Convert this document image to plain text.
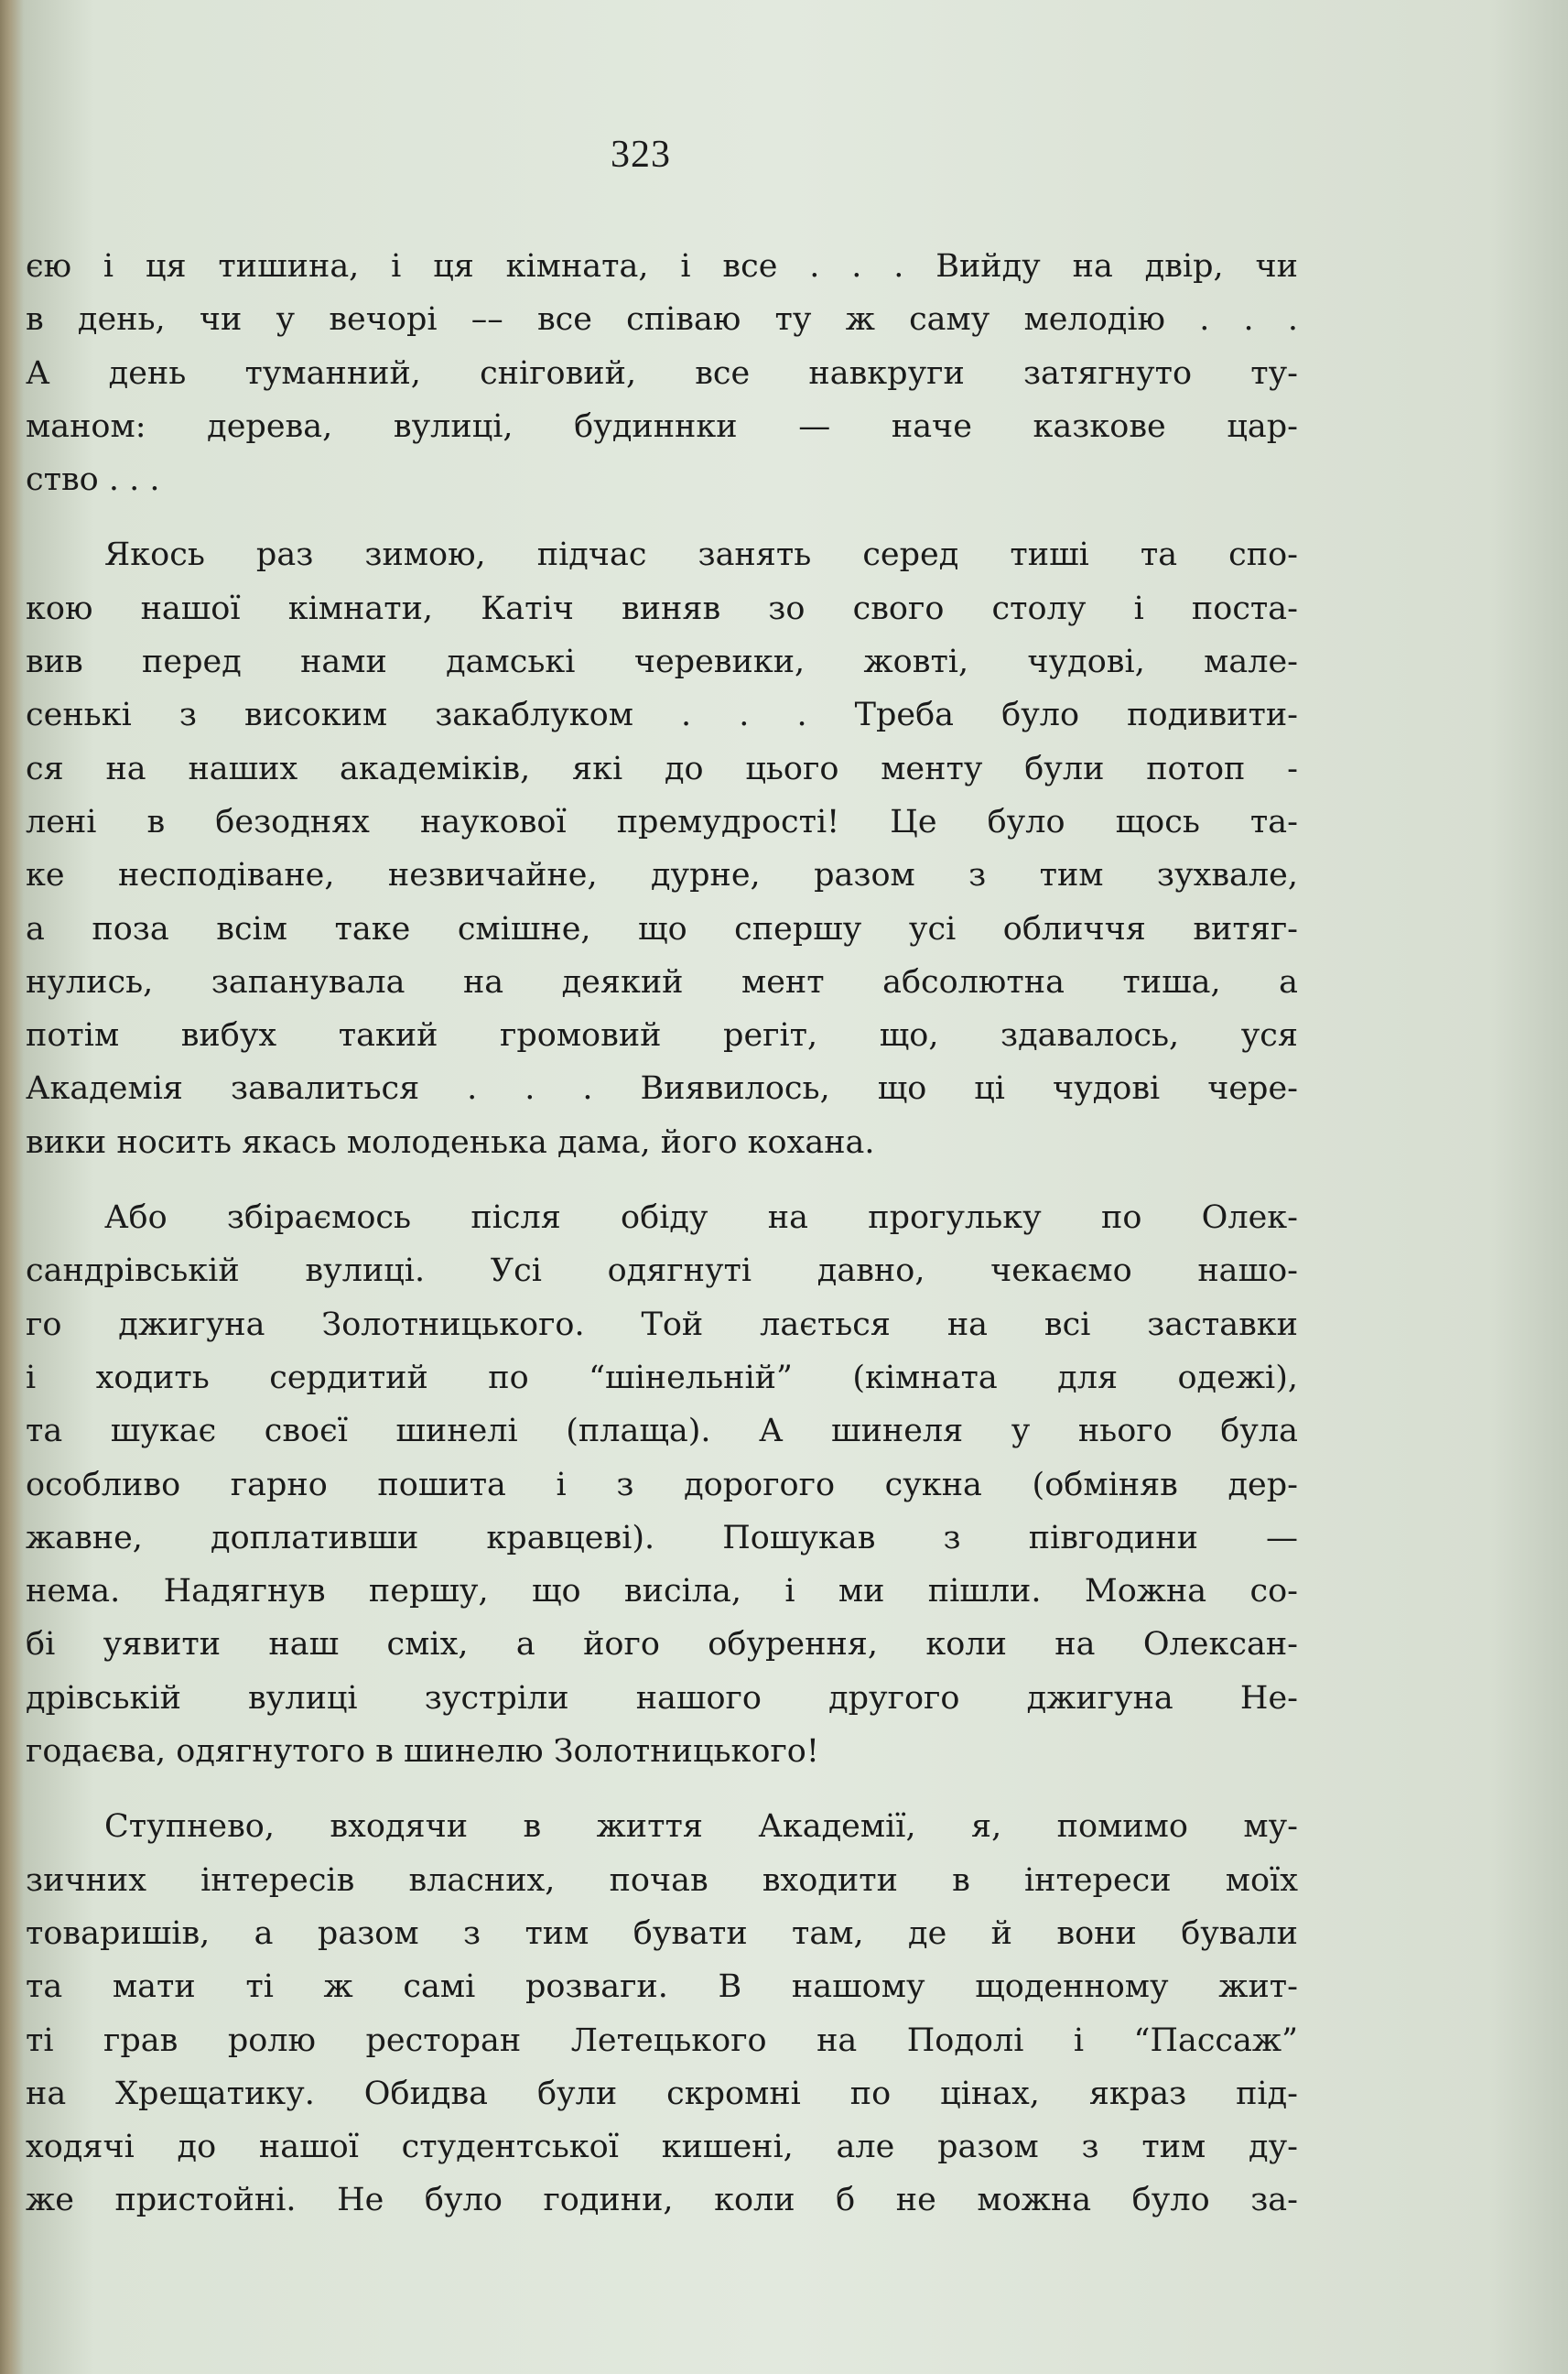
323
єю і ця тишина, і ця кімната, і все . . . Вийду на двір, чи
в день, чи у вечорі –– все співаю ту ж саму мелодію . . .
А день туманний, сніговий, все навкруги затягнуто ту-
маном: дерева, вулиці, будиннки — наче казкове цар-
ство . . .
Якось раз зимою, підчас занять серед тиші та спо-
кою нашої кімнати, Катіч виняв зо свого столу і поста-
вив перед нами дамські черевики, жовті, чудові, мале-
сенькі з високим закаблуком . . . Треба було подивити-
ся на наших академіків, які до цього менту були потоп -
лені в безоднях наукової премудрості! Це було щось та-
ке несподіване, незвичайне, дурне, разом з тим зухвале,
а поза всім таке смішне, що спершу усі обличчя витяг-
нулись, запанувала на деякий мент абсолютна тиша, а
потім вибух такий громовий регіт, що, здавалось, уся
Академія завалиться . . . Виявилось, що ці чудові чере-
вики носить якась молоденька дама, його кохана.
Або збіраємось після обіду на прогульку по Олек-
сандрівській вулиці. Усі одягнуті давно, чекаємо нашо-
го джигуна Золотницького. Той лається на всі заставки
і ходить сердитий по “шінельній” (кімната для одежі),
та шукає своєї шинелі (плаща). А шинеля у нього була
особливо гарно пошита і з дорогого сукна (обміняв дер-
жавне, доплативши кравцеві). Пошукав з півгодини —
нема. Надягнув першу, що висіла, і ми пішли. Можна со-
бі уявити наш сміх, а його обурення, коли на Олексан-
дрівській вулиці зустріли нашого другого джигуна Не-
годаєва, одягнутого в шинелю Золотницького!
Ступнево, входячи в життя Академії, я, помимо му-
зичних інтересів власних, почав входити в інтереси моїх
товаришів, а разом з тим бувати там, де й вони бували
та мати ті ж самі розваги. В нашому щоденному жит-
ті грав ролю ресторан Летецького на Подолі і “Пассаж”
на Хрещатику. Обидва були скромні по цінах, якраз під-
ходячі до нашої студентської кишені, але разом з тим ду-
же пристойні. Не було години, коли б не можна було за-
